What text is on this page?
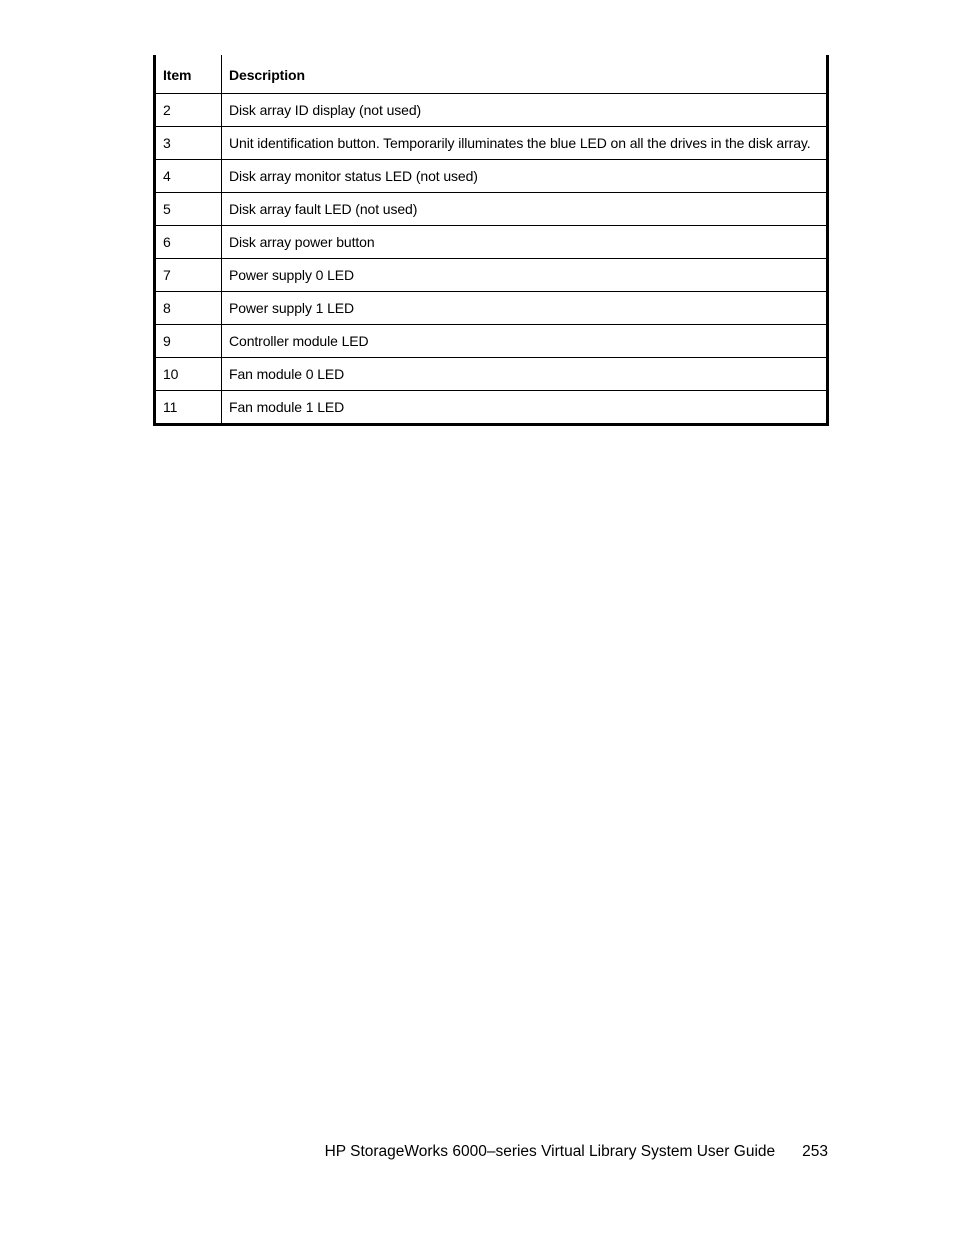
Item	Description
2	Disk array ID display (not used)
3	Unit identification button. Temporarily illuminates the blue LED on all the drives in the disk array.
4	Disk array monitor status LED (not used)
5	Disk array fault LED (not used)
6	Disk array power button
7	Power supply 0 LED
8	Power supply 1 LED
9	Controller module LED
10	Fan module 0 LED
11	Fan module 1 LED
HP StorageWorks 6000–series Virtual Library System User Guide 253
